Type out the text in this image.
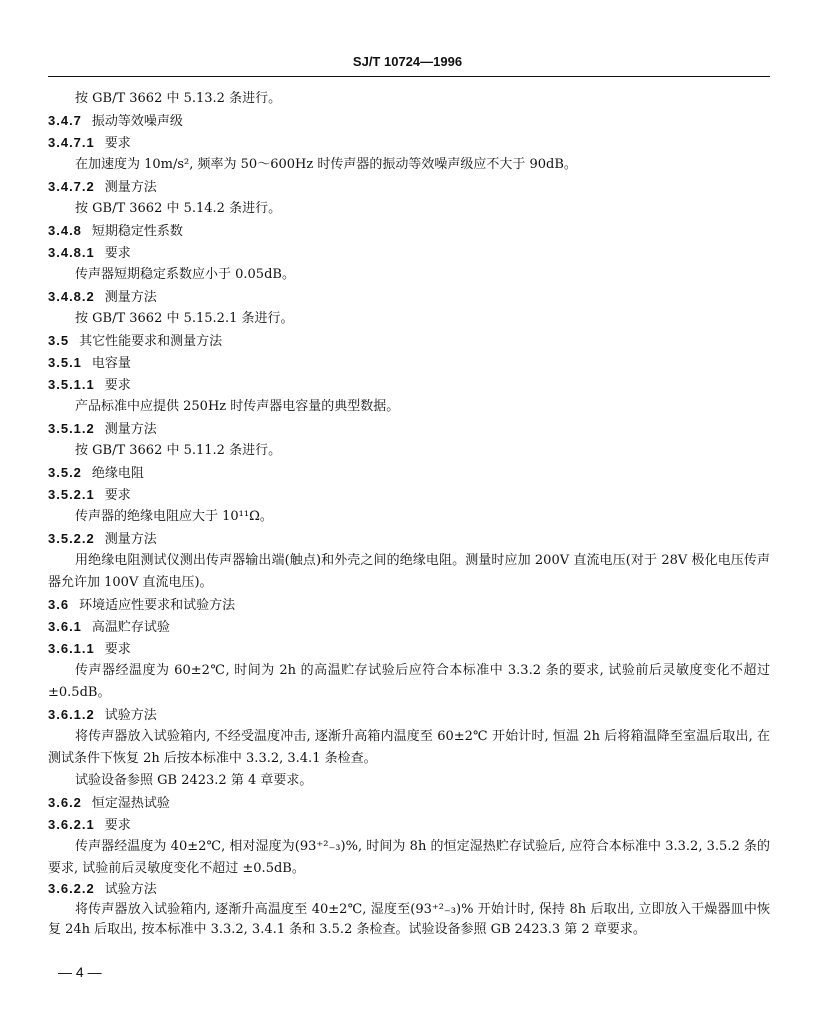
SJ/T 10724—1996
按 GB/T 3662 中 5.13.2 条进行。
3.4.7 振动等效噪声级
3.4.7.1 要求
在加速度为 10m/s², 频率为 50～600Hz 时传声器的振动等效噪声级应不大于 90dB。
3.4.7.2 测量方法
按 GB/T 3662 中 5.14.2 条进行。
3.4.8 短期稳定性系数
3.4.8.1 要求
传声器短期稳定系数应小于 0.05dB。
3.4.8.2 测量方法
按 GB/T 3662 中 5.15.2.1 条进行。
3.5 其它性能要求和测量方法
3.5.1 电容量
3.5.1.1 要求
产品标准中应提供 250Hz 时传声器电容量的典型数据。
3.5.1.2 测量方法
按 GB/T 3662 中 5.11.2 条进行。
3.5.2 绝缘电阻
3.5.2.1 要求
传声器的绝缘电阻应大于 10¹¹Ω。
3.5.2.2 测量方法
用绝缘电阻测试仪测出传声器输出端(触点)和外壳之间的绝缘电阻。测量时应加 200V 直流电压(对于 28V 极化电压传声器允许加 100V 直流电压)。
3.6 环境适应性要求和试验方法
3.6.1 高温贮存试验
3.6.1.1 要求
传声器经温度为 60±2℃, 时间为 2h 的高温贮存试验后应符合本标准中 3.3.2 条的要求, 试验前后灵敏度变化不超过 ±0.5dB。
3.6.1.2 试验方法
将传声器放入试验箱内, 不经受温度冲击, 逐渐升高箱内温度至 60±2℃ 开始计时, 恒温 2h 后将箱温降至室温后取出, 在测试条件下恢复 2h 后按本标准中 3.3.2, 3.4.1 条检查。
试验设备参照 GB 2423.2 第 4 章要求。
3.6.2 恒定湿热试验
3.6.2.1 要求
传声器经温度为 40±2℃, 相对湿度为(93⁺²₋₃)%, 时间为 8h 的恒定湿热贮存试验后, 应符合本标准中 3.3.2, 3.5.2 条的要求, 试验前后灵敏度变化不超过 ±0.5dB。
3.6.2.2 试验方法
将传声器放入试验箱内, 逐渐升高温度至 40±2℃, 湿度至(93⁺²₋₃)% 开始计时, 保持 8h 后取出, 立即放入干燥器皿中恢复 24h 后取出, 按本标准中 3.3.2, 3.4.1 条和 3.5.2 条检查。试验设备参照 GB 2423.3 第 2 章要求。
— 4 —
